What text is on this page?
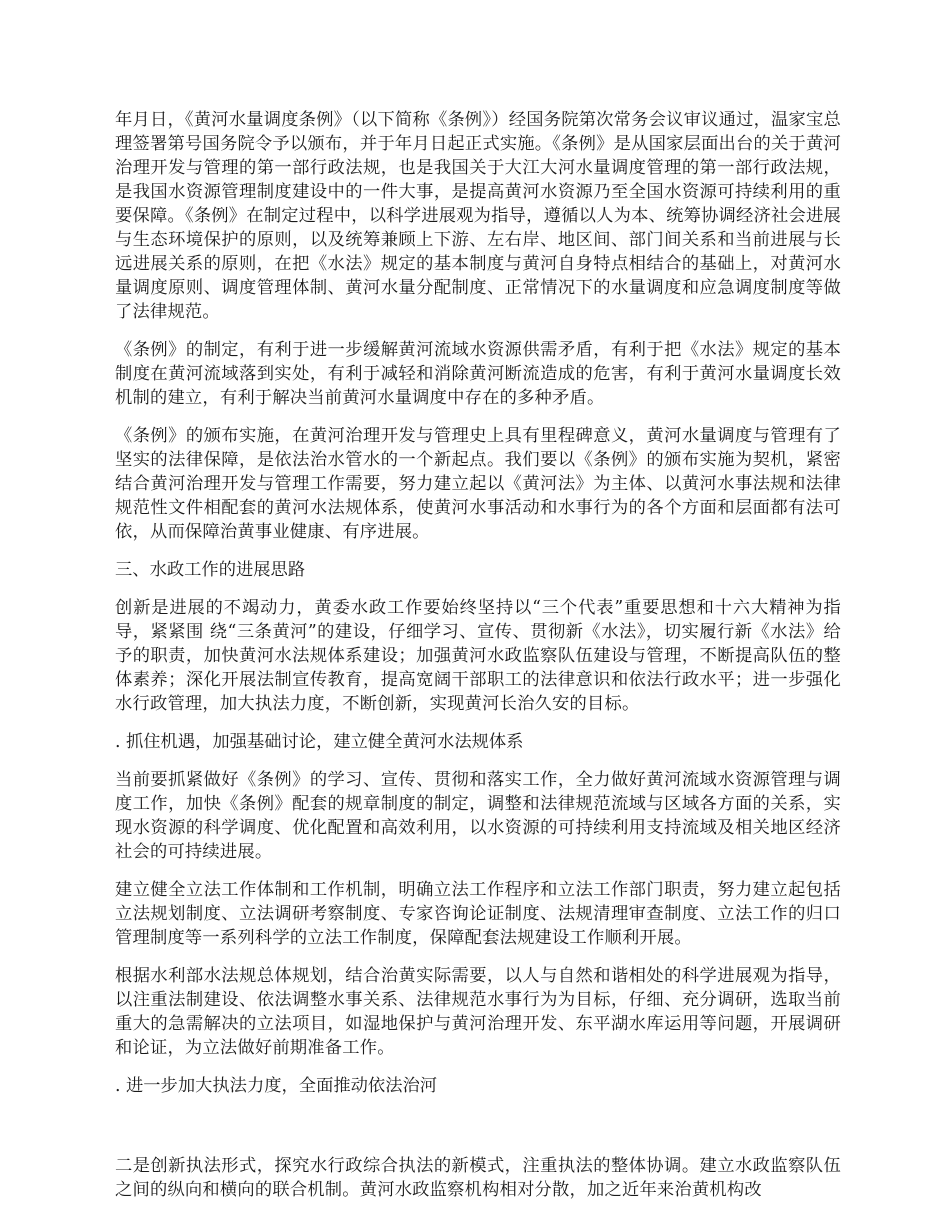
年月日，《黄河水量调度条例》（以下简称《条例》）经国务院第次常务会议审议通过，温家宝总理签署第号国务院令予以颁布，并于年月日起正式实施。《条例》是从国家层面出台的关于黄河治理开发与管理的第一部行政法规，也是我国关于大江大河水量调度管理的第一部行政法规，是我国水资源管理制度建设中的一件大事，是提高黄河水资源乃至全国水资源可持续利用的重要保障。《条例》在制定过程中，以科学进展观为指导，遵循以人为本、统筹协调经济社会进展与生态环境保护的原则，以及统筹兼顾上下游、左右岸、地区间、部门间关系和当前进展与长远进展关系的原则，在把《水法》规定的基本制度与黄河自身特点相结合的基础上，对黄河水量调度原则、调度管理体制、黄河水量分配制度、正常情况下的水量调度和应急调度制度等做了法律规范。

《条例》的制定，有利于进一步缓解黄河流域水资源供需矛盾，有利于把《水法》规定的基本制度在黄河流域落到实处，有利于减轻和消除黄河断流造成的危害，有利于黄河水量调度长效机制的建立，有利于解决当前黄河水量调度中存在的多种矛盾。

《条例》的颁布实施，在黄河治理开发与管理史上具有里程碑意义，黄河水量调度与管理有了坚实的法律保障，是依法治水管水的一个新起点。我们要以《条例》的颁布实施为契机，紧密结合黄河治理开发与管理工作需要，努力建立起以《黄河法》为主体、以黄河水事法规和法律规范性文件相配套的黄河水法规体系，使黄河水事活动和水事行为的各个方面和层面都有法可依，从而保障治黄事业健康、有序进展。

三、水政工作的进展思路

创新是进展的不竭动力，黄委水政工作要始终坚持以“三个代表”重要思想和十六大精神为指导，紧紧围 绕“三条黄河”的建设，仔细学习、宣传、贯彻新《水法》，切实履行新《水法》给予的职责，加快黄河水法规体系建设；加强黄河水政监察队伍建设与管理，不断提高队伍的整体素养；深化开展法制宣传教育，提高宽阔干部职工的法律意识和依法行政水平；进一步强化水行政管理，加大执法力度，不断创新，实现黄河长治久安的目标。

. 抓住机遇，加强基础讨论，建立健全黄河水法规体系

当前要抓紧做好《条例》的学习、宣传、贯彻和落实工作，全力做好黄河流域水资源管理与调度工作，加快《条例》配套的规章制度的制定，调整和法律规范流域与区域各方面的关系，实现水资源的科学调度、优化配置和高效利用，以水资源的可持续利用支持流域及相关地区经济社会的可持续进展。

建立健全立法工作体制和工作机制，明确立法工作程序和立法工作部门职责，努力建立起包括立法规划制度、立法调研考察制度、专家咨询论证制度、法规清理审查制度、立法工作的归口管理制度等一系列科学的立法工作制度，保障配套法规建设工作顺利开展。

根据水利部水法规总体规划，结合治黄实际需要，以人与自然和谐相处的科学进展观为指导，以注重法制建设、依法调整水事关系、法律规范水事行为为目标，仔细、充分调研，选取当前重大的急需解决的立法项目，如湿地保护与黄河治理开发、东平湖水库运用等问题，开展调研和论证，为立法做好前期准备工作。

. 进一步加大执法力度，全面推动依法治河

二是创新执法形式，探究水行政综合执法的新模式，注重执法的整体协调。建立水政监察队伍之间的纵向和横向的联合机制。黄河水政监察机构相对分散，加之近年来治黄机构改
